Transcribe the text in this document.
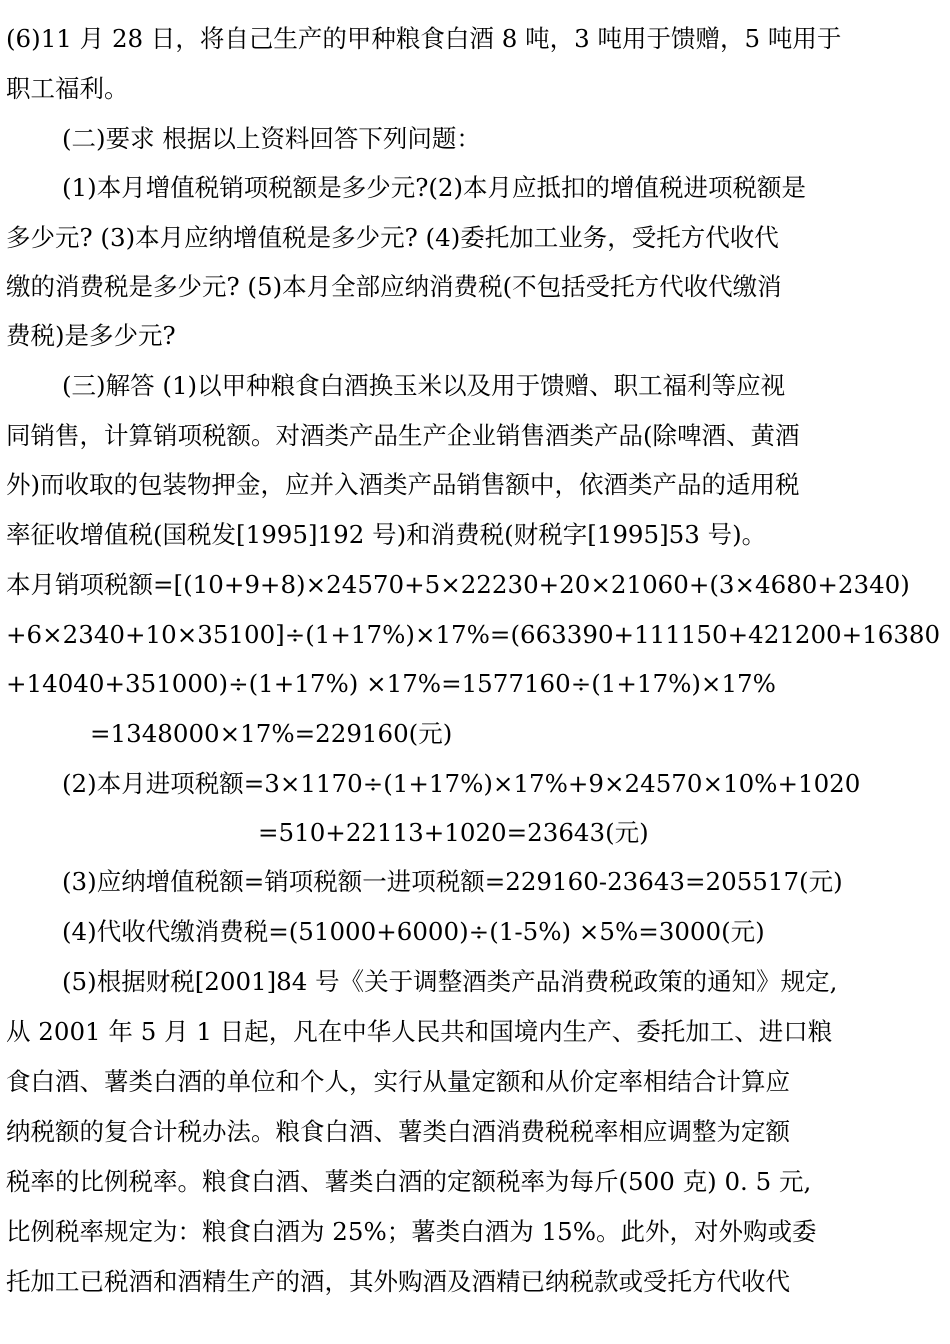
(6)11 月 28 日，将自己生产的甲种粮食白酒 8 吨，3 吨用于馈赠，5 吨用于
职工福利。
(二)要求 根据以上资料回答下列问题：
(1)本月增值税销项税额是多少元?(2)本月应抵扣的增值税进项税额是
多少元? (3)本月应纳增值税是多少元? (4)委托加工业务，受托方代收代
缴的消费税是多少元? (5)本月全部应纳消费税(不包括受托方代收代缴消
费税)是多少元?
(三)解答 (1)以甲种粮食白酒换玉米以及用于馈赠、职工福利等应视
同销售，计算销项税额。对酒类产品生产企业销售酒类产品(除啤酒、黄酒
外)而收取的包装物押金，应并入酒类产品销售额中，依酒类产品的适用税
率征收增值税(国税发[1995]192 号)和消费税(财税字[1995]53 号)。
本月销项税额=[(10+9+8)×24570+5×22230+20×21060+(3×4680+2340)
+6×2340+10×35100]÷(1+17%)×17%=(663390+111150+421200+16380
+14040+351000)÷(1+17%) ×17%=1577160÷(1+17%)×17%
=1348000×17%=229160(元)
(2)本月进项税额=3×1170÷(1+17%)×17%+9×24570×10%+1020
=510+22113+1020=23643(元)
(3)应纳增值税额=销项税额一进项税额=229160-23643=205517(元)
(4)代收代缴消费税=(51000+6000)÷(1-5%) ×5%=3000(元)
(5)根据财税[2001]84 号《关于调整酒类产品消费税政策的通知》规定,
从 2001 年 5 月 1 日起，凡在中华人民共和国境内生产、委托加工、进口粮
食白酒、薯类白酒的单位和个人，实行从量定额和从价定率相结合计算应
纳税额的复合计税办法。粮食白酒、薯类白酒消费税税率相应调整为定额
税率的比例税率。粮食白酒、薯类白酒的定额税率为每斤(500 克) 0. 5 元,
比例税率规定为：粮食白酒为 25%；薯类白酒为 15%。此外，对外购或委
托加工已税酒和酒精生产的酒，其外购酒及酒精已纳税款或受托方代收代
